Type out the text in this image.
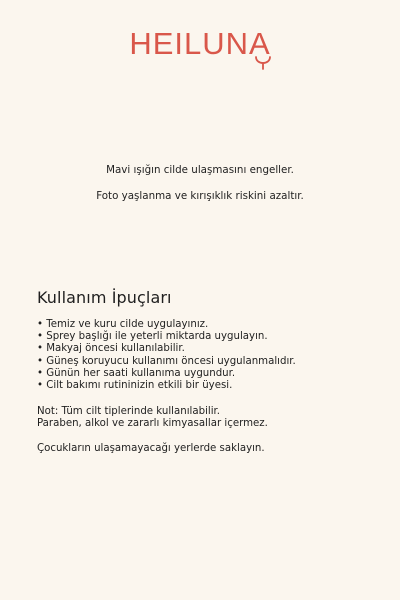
HEILUNA
Mavi ışığın cilde ulaşmasını engeller.
Foto yaşlanma ve kırışıklık riskini azaltır.
Kullanım İpuçları
• Temiz ve kuru cilde uygulayınız.
• Sprey başlığı ile yeterli miktarda uygulayın.
• Makyaj öncesi kullanılabilir.
• Güneş koruyucu kullanımı öncesi uygulanmalıdır.
• Günün her saati kullanıma uygundur.
• Cilt bakımı rutininizin etkili bir üyesi.
Not: Tüm cilt tiplerinde kullanılabilir.
Paraben, alkol ve zararlı kimyasallar içermez.
Çocukların ulaşamayacağı yerlerde saklayın.
